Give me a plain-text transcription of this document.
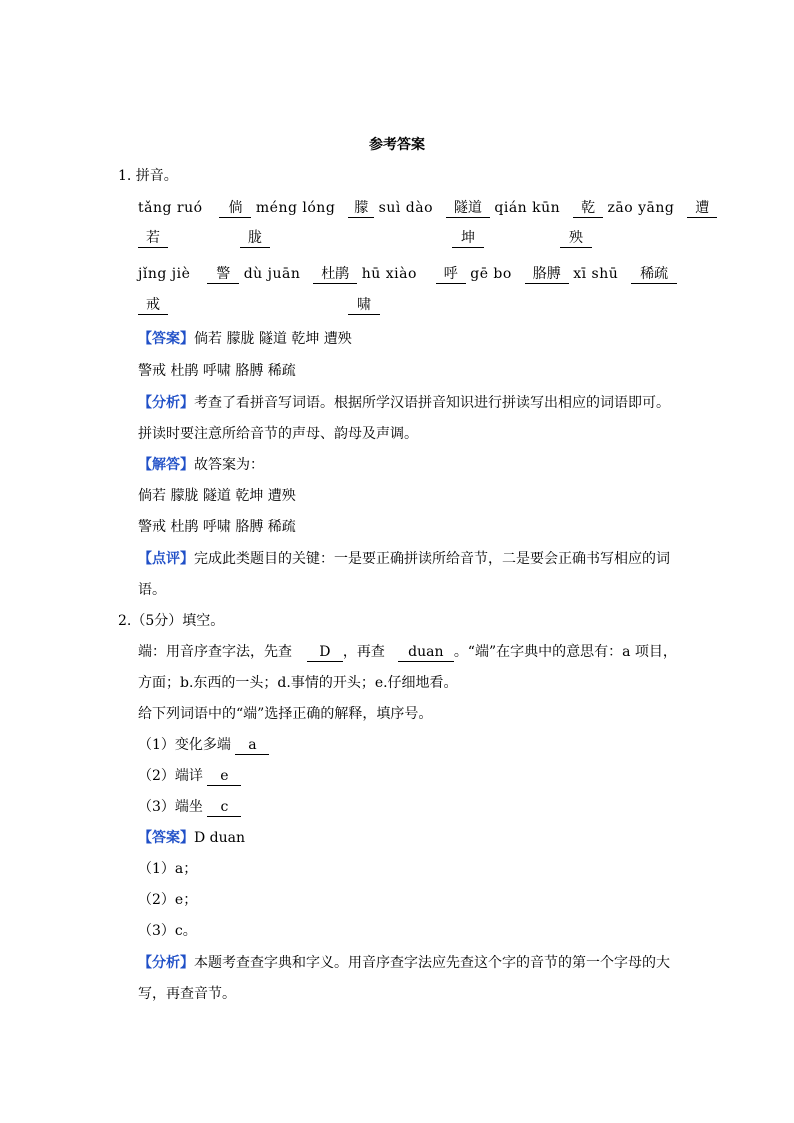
参考答案
1. 拼音。
tǎng ruó 倘 méng lóng 朦 suì dào 隧道 qián kūn 乾 zāo yāng 遭
若	胧	坤	殃
jǐng jiè 警 dù juān 杜鹃 hū xiào 呼 gē bo 胳膊 xī shū 稀疏
戒	啸
【答案】倘若 朦胧 隧道 乾坤 遭殃
警戒 杜鹃 呼啸 胳膊 稀疏
【分析】考查了看拼音写词语。根据所学汉语拼音知识进行拼读写出相应的词语即可。
拼读时要注意所给音节的声母、韵母及声调。
【解答】故答案为：
倘若 朦胧 隧道 乾坤 遭殃
警戒 杜鹃 呼啸 胳膊 稀疏
【点评】完成此类题目的关键：一是要正确拼读所给音节，二是要会正确书写相应的词
语。
2.（5分）填空。
端：用音序查字法，先查 D ，再查 duan 。“端”在字典中的意思有：a 项目，
方面；b.东西的一头；d.事情的开头；e.仔细地看。
给下列词语中的“端”选择正确的解释，填序号。
（1）变化多端 a
（2）端详 e
（3）端坐 c
【答案】D duan
（1）a；
（2）e；
（3）c。
【分析】本题考查查字典和字义。用音序查字法应先查这个字的音节的第一个字母的大
写，再查音节。
